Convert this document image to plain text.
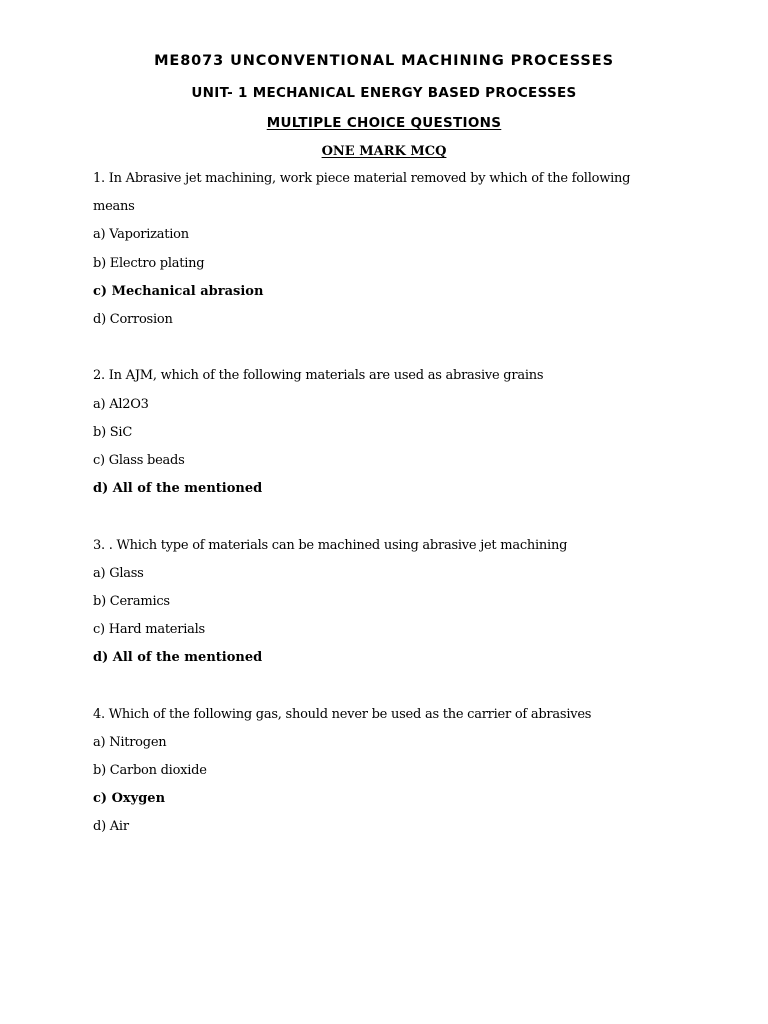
ME8073 UNCONVENTIONAL MACHINING PROCESSES
UNIT- 1 MECHANICAL ENERGY BASED PROCESSES
MULTIPLE CHOICE QUESTIONS
ONE MARK MCQ
1. In Abrasive jet machining, work piece material removed by which of the following
means
a) Vaporization
b) Electro plating
c) Mechanical abrasion
d) Corrosion
2. In AJM, which of the following materials are used as abrasive grains
a) Al2O3
b) SiC
c) Glass beads
d) All of the mentioned
3. . Which type of materials can be machined using abrasive jet machining
a) Glass
b) Ceramics
c) Hard materials
d) All of the mentioned
4. Which of the following gas, should never be used as the carrier of abrasives
a) Nitrogen
b) Carbon dioxide
c) Oxygen
d) Air
